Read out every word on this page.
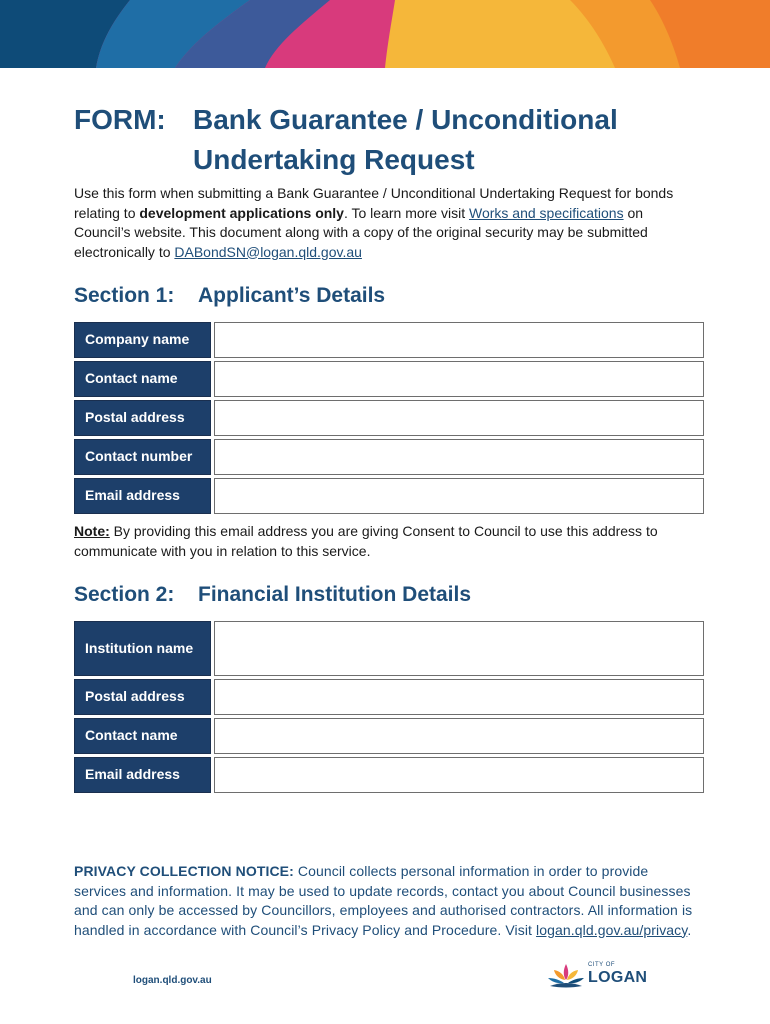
FORM: Bank Guarantee / Unconditional
Undertaking Request

Use this form when submitting a Bank Guarantee / Unconditional Undertaking Request for bonds relating to development applications only. To learn more visit Works and specifications on Council’s website. This document along with a copy of the original security may be submitted electronically to DABondSN@logan.qld.gov.au

Section 1: Applicant’s Details
Company name
Contact name
Postal address
Contact number
Email address

Note: By providing this email address you are giving Consent to Council to use this address to communicate with you in relation to this service.

Section 2: Financial Institution Details
Institution name
Postal address
Contact name
Email address

PRIVACY COLLECTION NOTICE: Council collects personal information in order to provide services and information. It may be used to update records, contact you about Council businesses and can only be accessed by Councillors, employees and authorised contractors. All information is handled in accordance with Council’s Privacy Policy and Procedure. Visit logan.qld.gov.au/privacy.

logan.qld.gov.au
CITY OF
LOGAN
